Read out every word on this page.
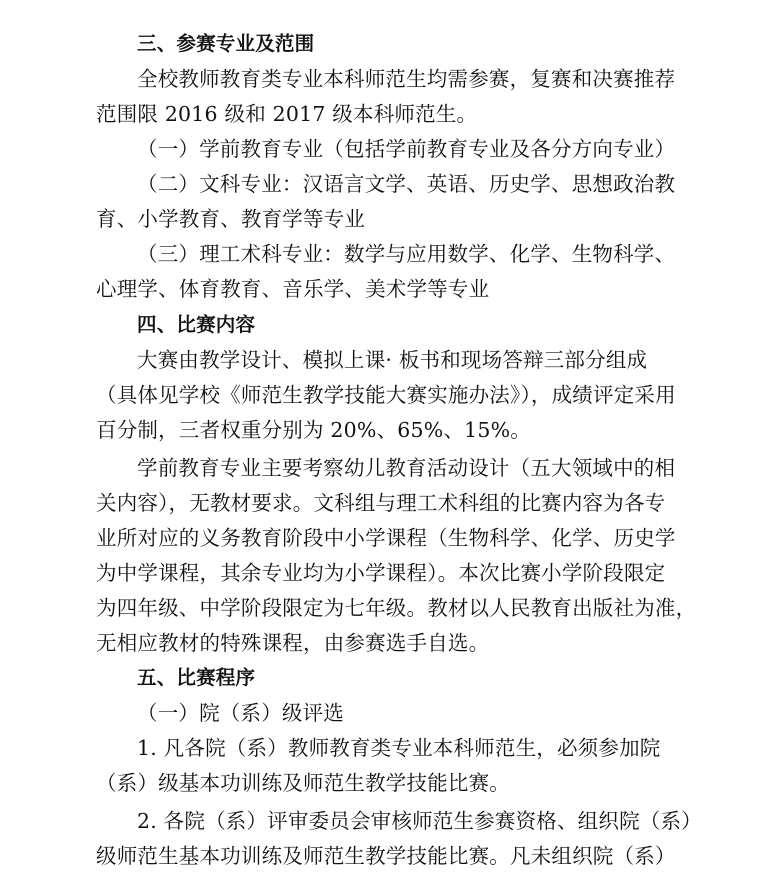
三、参赛专业及范围
全校教师教育类专业本科师范生均需参赛，复赛和决赛推荐
范围限 2016 级和 2017 级本科师范生。
（一）学前教育专业（包括学前教育专业及各分方向专业）
（二）文科专业：汉语言文学、英语、历史学、思想政治教
育、小学教育、教育学等专业
（三）理工术科专业：数学与应用数学、化学、生物科学、
心理学、体育教育、音乐学、美术学等专业
四、比赛内容
大赛由教学设计、模拟上课· 板书和现场答辩三部分组成
（具体见学校《师范生教学技能大赛实施办法》），成绩评定采用
百分制，三者权重分别为 20%、65%、15%。
学前教育专业主要考察幼儿教育活动设计（五大领域中的相
关内容），无教材要求。文科组与理工术科组的比赛内容为各专
业所对应的义务教育阶段中小学课程（生物科学、化学、历史学
为中学课程，其余专业均为小学课程）。本次比赛小学阶段限定
为四年级、中学阶段限定为七年级。教材以人民教育出版社为准，
无相应教材的特殊课程，由参赛选手自选。
五、比赛程序
（一）院（系）级评选
1. 凡各院（系）教师教育类专业本科师范生，必须参加院
（系）级基本功训练及师范生教学技能比赛。
2. 各院（系）评审委员会审核师范生参赛资格、组织院（系）
级师范生基本功训练及师范生教学技能比赛。凡未组织院（系）
